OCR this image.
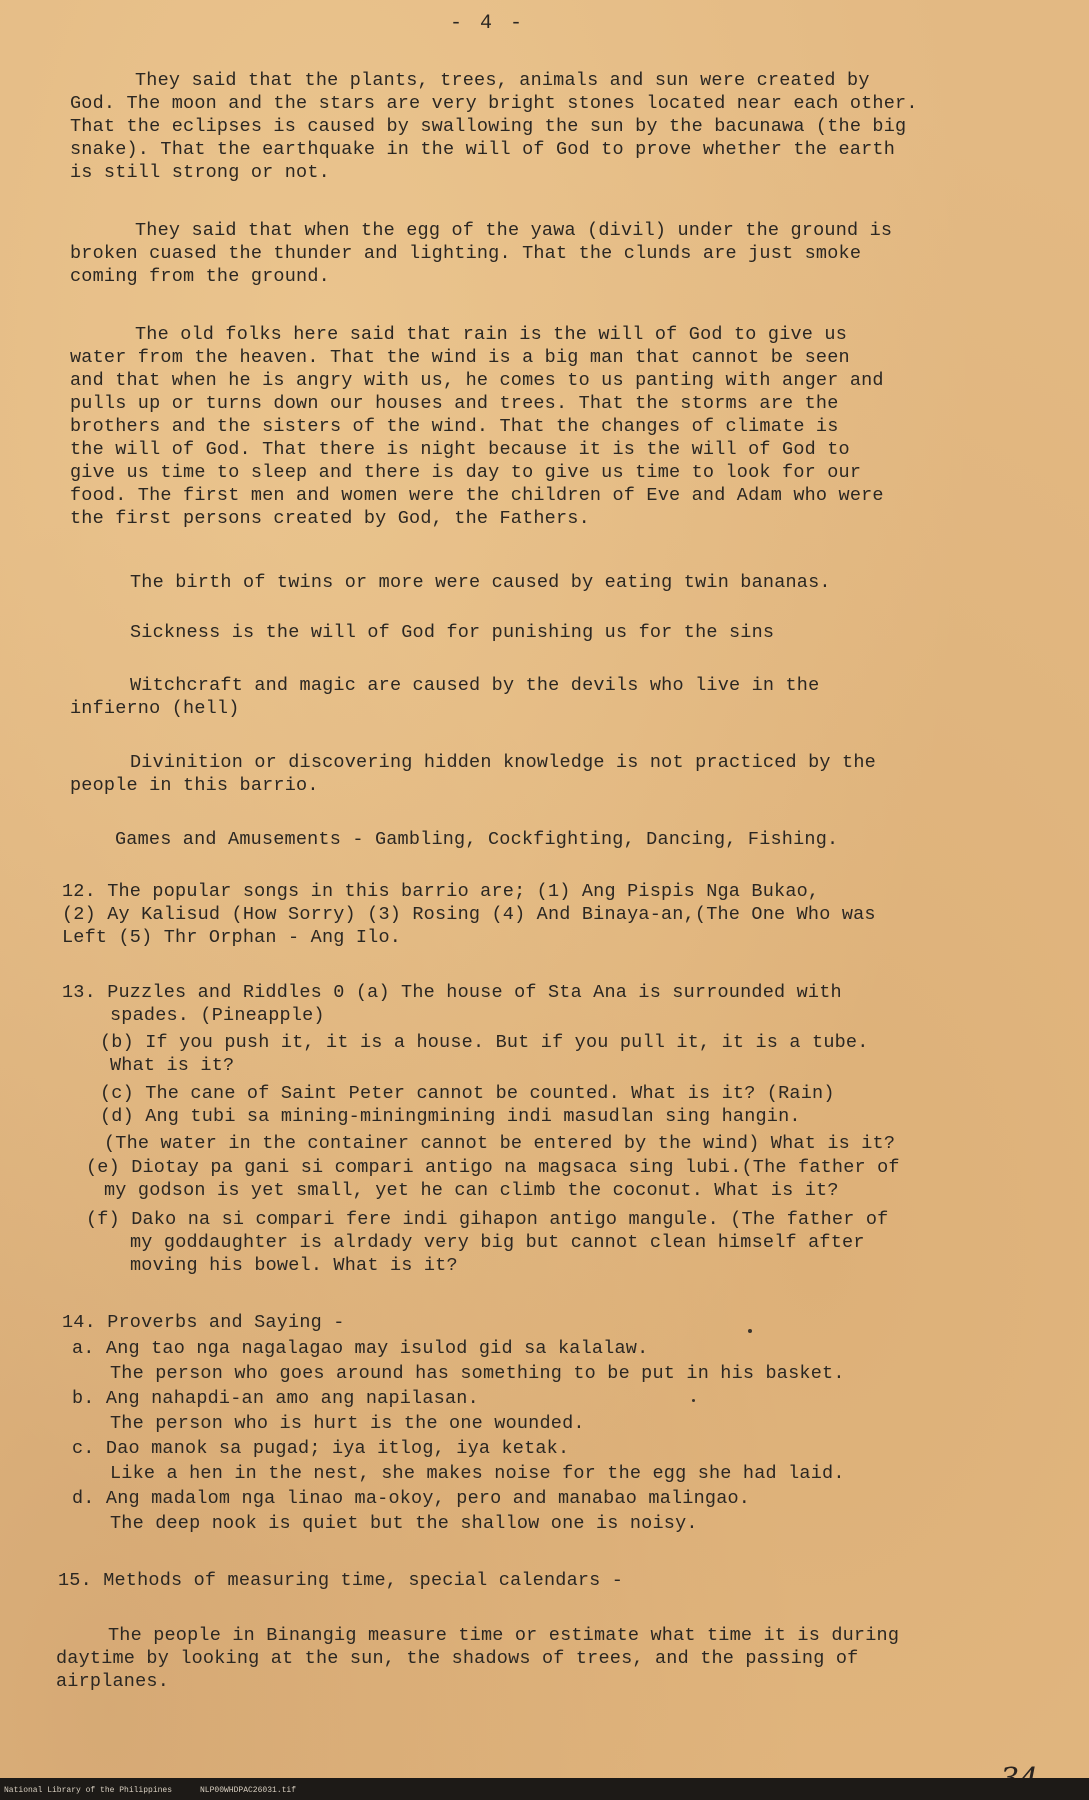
- 4 -
They said that the plants, trees, animals and sun were created by
God. The moon and the stars are very bright stones located near each other.
That the eclipses is caused by swallowing the sun by the bacunawa (the big
snake). That the earthquake in the will of God to prove whether the earth
is still strong or not.
They said that when the egg of the yawa (divil) under the ground is
broken cuased the thunder and lighting. That the clunds are just smoke
coming from the ground.
The old folks here said that rain is the will of God to give us
water from the heaven. That the wind is a big man that cannot be seen
and that when he is angry with us, he comes to us panting with anger and
pulls up or turns down our houses and trees. That the storms are the
brothers and the sisters of the wind. That the changes of climate is
the will of God. That there is night because it is the will of God to
give us time to sleep and there is day to give us time to look for our
food. The first men and women were the children of Eve and Adam who were
the first persons created by God, the Fathers.
The birth of twins or more were caused by eating twin bananas.
Sickness is the will of God for punishing us for the sins
Witchcraft and magic are caused by the devils who live in the
infierno (hell)
Divinition or discovering hidden knowledge is not practiced by the
people in this barrio.
Games and Amusements - Gambling, Cockfighting, Dancing, Fishing.
12. The popular songs in this barrio are; (1) Ang Pispis Nga Bukao,
(2) Ay Kalisud (How Sorry) (3) Rosing (4) And Binaya-an,(The One Who was
Left (5) Thr Orphan - Ang Ilo.
13. Puzzles and Riddles 0 (a) The house of Sta Ana is surrounded with
spades. (Pineapple)
(b) If you push it, it is a house. But if you pull it, it is a tube.
What is it?
(c) The cane of Saint Peter cannot be counted. What is it? (Rain)
(d) Ang tubi sa mining-miningmining indi masudlan sing hangin.
(The water in the container cannot be entered by the wind) What is it?
(e) Diotay pa gani si compari antigo na magsaca sing lubi.(The father of
my godson is yet small, yet he can climb the coconut. What is it?
(f) Dako na si compari fere indi gihapon antigo mangule. (The father of
my goddaughter is alrdady very big but cannot clean himself after
moving his bowel. What is it?
14. Proverbs and Saying -
a. Ang tao nga nagalagao may isulod gid sa kalalaw.
The person who goes around has something to be put in his basket.
b. Ang nahapdi-an amo ang napilasan.
The person who is hurt is the one wounded.
c. Dao manok sa pugad; iya itlog, iya ketak.
Like a hen in the nest, she makes noise for the egg she had laid.
d. Ang madalom nga linao ma-okoy, pero and manabao malingao.
The deep nook is quiet but the shallow one is noisy.
15. Methods of measuring time, special calendars -
The people in Binangig measure time or estimate what time it is during
daytime by looking at the sun, the shadows of trees, and the passing of
airplanes.
National Library of the Philippines	NLP00WHDPAC26031.tif
